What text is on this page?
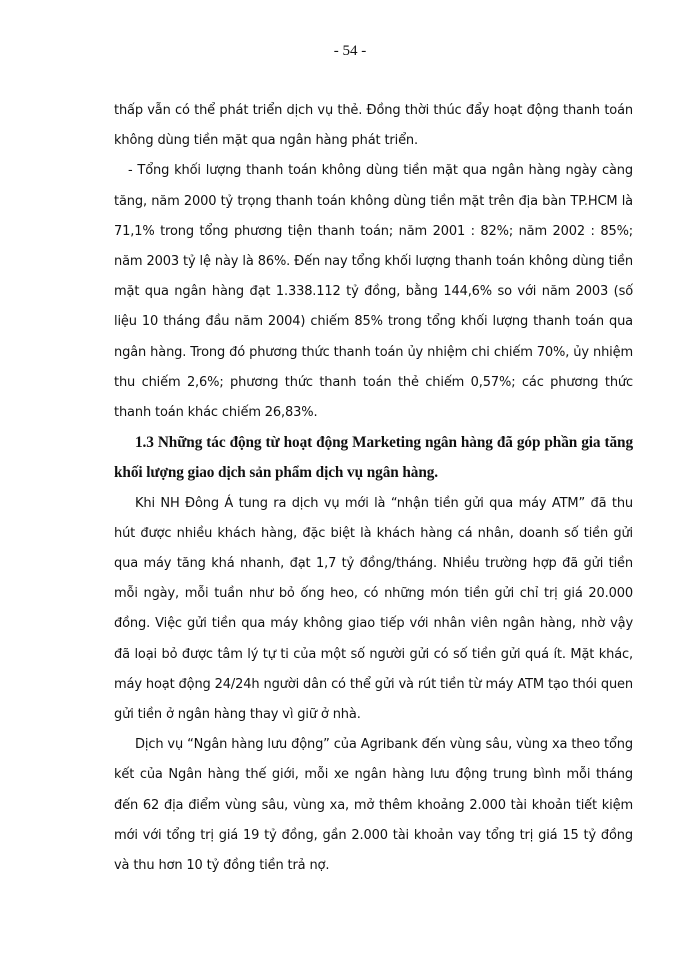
- 54 -

thấp vẫn có thể phát triển dịch vụ thẻ. Đồng thời thúc đẩy hoạt động thanh toán không dùng tiền mặt qua ngân hàng phát triển.

- Tổng khối lượng thanh toán không dùng tiền mặt qua ngân hàng ngày càng tăng, năm 2000 tỷ trọng thanh toán không dùng tiền mặt trên địa bàn TP.HCM là 71,1% trong tổng phương tiện thanh toán; năm 2001 : 82%; năm 2002 : 85%; năm 2003 tỷ lệ này là 86%. Đến nay tổng khối lượng thanh toán không dùng tiền mặt qua ngân hàng đạt 1.338.112 tỷ đồng, bằng 144,6% so với năm 2003 (số liệu 10 tháng đầu năm 2004) chiếm 85% trong tổng khối lượng thanh toán qua ngân hàng. Trong đó phương thức thanh toán ủy nhiệm chi chiếm 70%, ủy nhiệm thu chiếm 2,6%; phương thức thanh toán thẻ chiếm 0,57%; các phương thức thanh toán khác chiếm 26,83%.

1.3 Những tác động từ hoạt động Marketing ngân hàng đã góp phần gia tăng khối lượng giao dịch sản phẩm dịch vụ ngân hàng.

Khi NH Đông Á tung ra dịch vụ mới là “nhận tiền gửi qua máy ATM” đã thu hút được nhiều khách hàng, đặc biệt là khách hàng cá nhân, doanh số tiền gửi qua máy tăng khá nhanh, đạt 1,7 tỷ đồng/tháng. Nhiều trường hợp đã gửi tiền mỗi ngày, mỗi tuần như bỏ ống heo, có những món tiền gửi chỉ trị giá 20.000 đồng. Việc gửi tiền qua máy không giao tiếp với nhân viên ngân hàng, nhờ vậy đã loại bỏ được tâm lý tự ti của một số người gửi có số tiền gửi quá ít. Mặt khác, máy hoạt động 24/24h người dân có thể gửi và rút tiền từ máy ATM tạo thói quen gửi tiền ở ngân hàng thay vì giữ ở nhà.

Dịch vụ “Ngân hàng lưu động” của Agribank đến vùng sâu, vùng xa theo tổng kết của Ngân hàng thế giới, mỗi xe ngân hàng lưu động trung bình mỗi tháng đến 62 địa điểm vùng sâu, vùng xa, mở thêm khoảng 2.000 tài khoản tiết kiệm mới với tổng trị giá 19 tỷ đồng, gần 2.000 tài khoản vay tổng trị giá 15 tỷ đồng và thu hơn 10 tỷ đồng tiền trả nợ.
